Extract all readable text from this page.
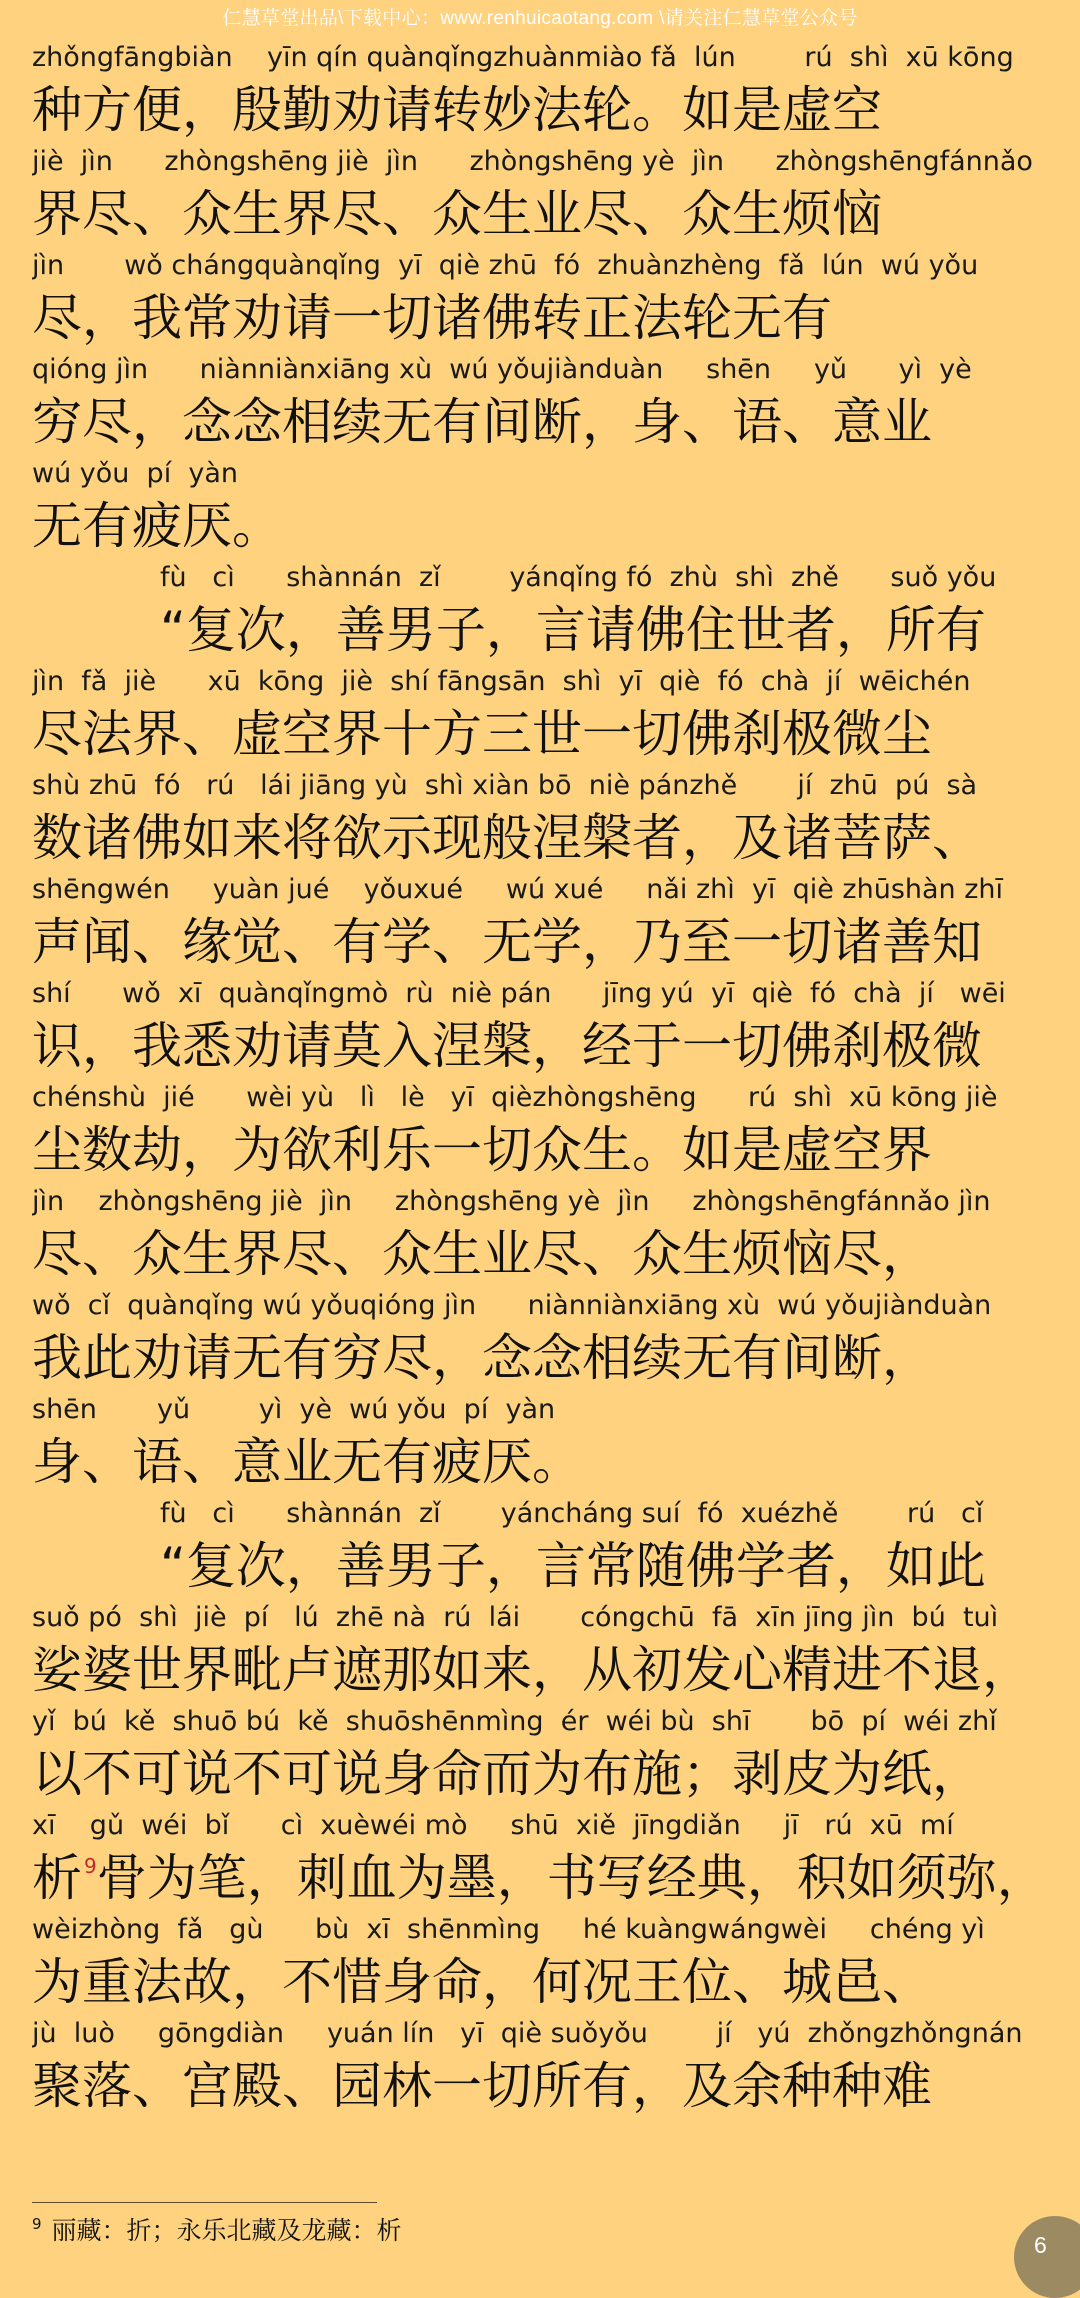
仁慧草堂出品\下载中心：www.renhuicaotang.com \请关注仁慧草堂公众号
zhǒngfāngbiàn    yīn qín quànqǐngzhuànmiào fǎ  lún        rú  shì  xū kōng
种方便，殷勤劝请转妙法轮。如是虚空
jiè  jìn      zhòngshēng jiè  jìn      zhòngshēng yè  jìn      zhòngshēngfánnǎo
界尽、众生界尽、众生业尽、众生烦恼
jìn       wǒ chángquànqǐng  yī  qiè zhū  fó  zhuànzhèng  fǎ  lún  wú yǒu
尽，我常劝请一切诸佛转正法轮无有
qióng jìn      niànniànxiāng xù  wú yǒujiànduàn     shēn     yǔ      yì  yè
穷尽，念念相续无有间断，身、语、意业
wú yǒu  pí  yàn
无有疲厌。
fù   cì      shànnán  zǐ        yánqǐng fó  zhù  shì  zhě      suǒ yǒu
“复次，善男子，言请佛住世者，所有
jìn  fǎ  jiè      xū  kōng  jiè  shí fāngsān  shì  yī  qiè  fó  chà  jí  wēichén
尽法界、虚空界十方三世一切佛刹极微尘
shù zhū  fó   rú   lái jiāng yù  shì xiàn bō  niè pánzhě       jí  zhū  pú  sà
数诸佛如来将欲示现般涅槃者，及诸菩萨、
shēngwén     yuàn jué    yǒuxué     wú xué     nǎi zhì  yī  qiè zhūshàn zhī
声闻、缘觉、有学、无学，乃至一切诸善知
shí      wǒ  xī  quànqǐngmò  rù  niè pán      jīng yú  yī  qiè  fó  chà  jí   wēi
识，我悉劝请莫入涅槃，经于一切佛刹极微
chénshù  jié      wèi yù   lì   lè   yī  qièzhòngshēng      rú  shì  xū kōng jiè
尘数劫，为欲利乐一切众生。如是虚空界
jìn    zhòngshēng jiè  jìn     zhòngshēng yè  jìn     zhòngshēngfánnǎo jìn
尽、众生界尽、众生业尽、众生烦恼尽，
wǒ  cǐ  quànqǐng wú yǒuqióng jìn      niànniànxiāng xù  wú yǒujiànduàn
我此劝请无有穷尽，念念相续无有间断，
shēn       yǔ        yì  yè  wú yǒu  pí  yàn
身、语、意业无有疲厌。
fù   cì      shànnán  zǐ       yáncháng suí  fó  xuézhě        rú   cǐ
“复次，善男子，言常随佛学者，如此
suǒ pó  shì  jiè  pí   lú  zhē nà  rú  lái       cóngchū  fā  xīn jīng jìn  bú  tuì
娑婆世界毗卢遮那如来，从初发心精进不退，
yǐ  bú  kě  shuō bú  kě  shuōshēnmìng  ér  wéi bù  shī       bō  pí  wéi zhǐ
以不可说不可说身命而为布施；剥皮为纸，
xī    gǔ  wéi  bǐ      cì  xuèwéi mò     shū  xiě  jīngdiǎn     jī   rú  xū  mí
析 $^9$骨为笔，刺血为墨，书写经典，积如须弥，
wèizhòng  fǎ   gù      bù  xī  shēnmìng     hé kuàngwángwèi     chéng yì
为重法故，不惜身命，何况王位、城邑、
jù  luò     gōngdiàn     yuán lín   yī  qiè suǒyǒu        jí   yú  zhǒngzhǒngnán
聚落、宫殿、园林一切所有，及余种种难
$^9$ 丽藏：折；永乐北藏及龙藏：析	6
